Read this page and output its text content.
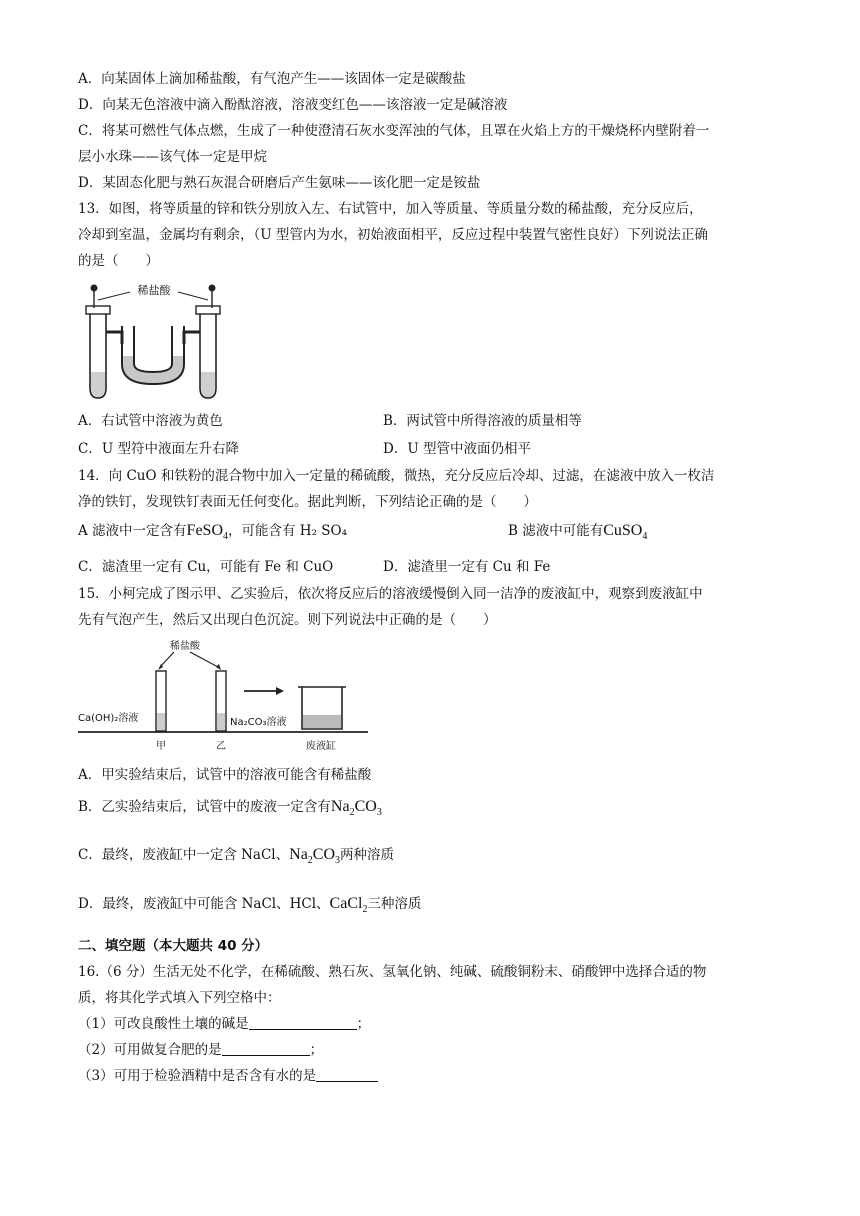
A．向某固体上滴加稀盐酸，有气泡产生——该固体一定是碳酸盐
D．向某无色溶液中滴入酚酞溶液，溶液变红色——该溶液一定是碱溶液
C．将某可燃性气体点燃，生成了一种使澄清石灰水变浑浊的气体，且罩在火焰上方的干燥烧杯内壁附着一
层小水珠——该气体一定是甲烷
D．某固态化肥与熟石灰混合研磨后产生氨味——该化肥一定是铵盐
13．如图，将等质量的锌和铁分别放入左、右试管中，加入等质量、等质量分数的稀盐酸，充分反应后，
冷却到室温，金属均有剩余，（U 型管内为水，初始液面相平，反应过程中装置气密性良好）下列说法正确
的是（　　）
稀盐酸
A．右试管中溶液为黄色	B．两试管中所得溶液的质量相等
C．U 型符中液面左升右降	D．U 型管中液面仍相平
14．向 CuO 和铁粉的混合物中加入一定量的稀硫酸，微热，充分反应后冷却、过滤，在滤液中放入一枚洁
净的铁钉，发现铁钉表面无任何变化。据此判断，下列结论正确的是（　　）
A 滤液中一定含有FeSO$_4$，可能含有 H₂ SO₄	B 滤液中可能有CuSO$_4$
C．滤渣里一定有 Cu，可能有 Fe 和 CuO	D．滤渣里一定有 Cu 和 Fe
15．小柯完成了图示甲、乙实验后，依次将反应后的溶液缓慢倒入同一洁净的废液缸中，观察到废液缸中
先有气泡产生，然后又出现白色沉淀。则下列说法中正确的是（　　）
稀盐酸
Ca(OH)₂溶液	Na₂CO₃溶液
甲	乙	废液缸
A．甲实验结束后，试管中的溶液可能含有稀盐酸
B．乙实验结束后，试管中的废液一定含有$Na_2CO_3$
C．最终，废液缸中一定含 NaCl、$Na_2CO_3$两种溶质
D．最终，废液缸中可能含 NaCl、HCl、CaCl$_2$三种溶质
二、填空题（本大题共 40 分）
16.（6 分）生活无处不化学，在稀硫酸、熟石灰、氢氧化钠、纯碱、硫酸铜粉末、硝酸钾中选择合适的物
质，将其化学式填入下列空格中：
（1）可改良酸性土壤的碱是	；
（2）可用做复合肥的是	；
（3）可用于检验酒精中是否含有水的是
